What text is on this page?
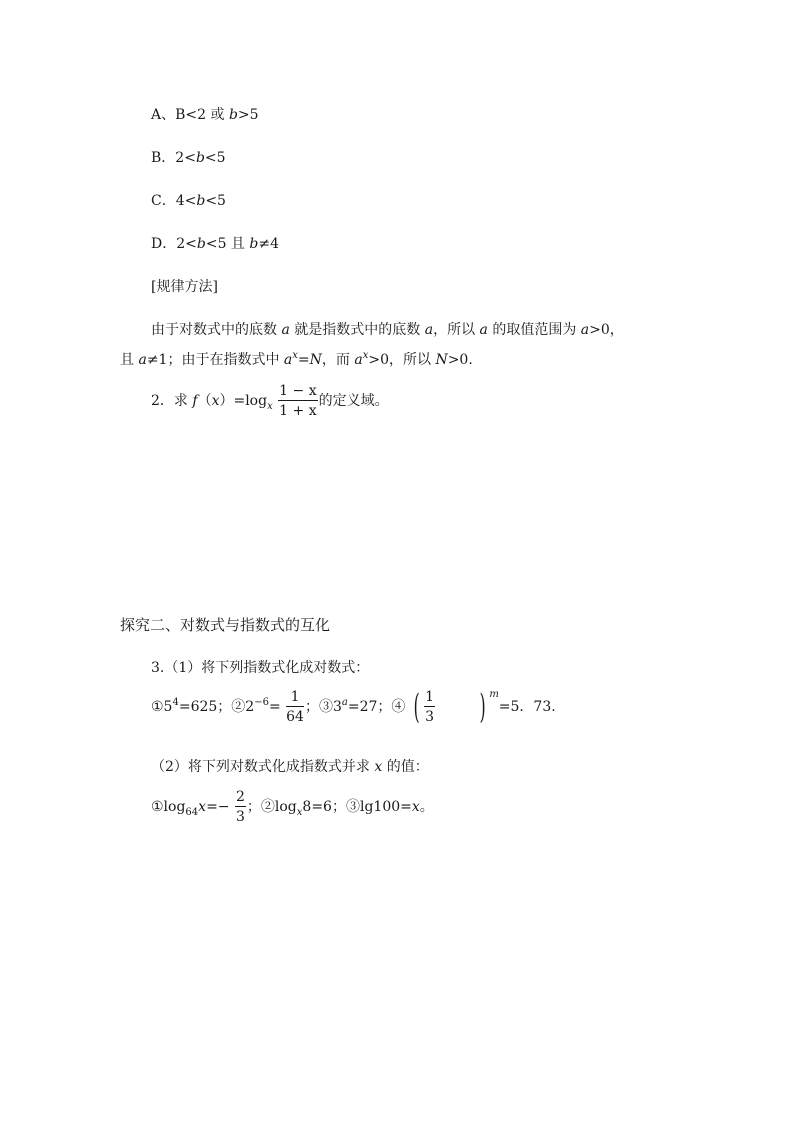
A、B<2 或 b>5
B．2<b<5
C．4<b<5
D．2<b<5 且 b≠4
[规律方法]
由于对数式中的底数 a 就是指数式中的底数 a，所以 a 的取值范围为 a>0，
且 a≠1；由于在指数式中 $a^x=N$，而 $a^x>0$，所以 N>0.
2．求 $f(x)=\log_x \frac{1 - x}{1 + x}$ 的定义域。
探究二、对数式与指数式的互化
3.（1）将下列指数式化成对数式：
$①5^4=625$；$②2^{-6}= \frac{1}{64}$ ；$③3^a=27$；④ ( $\frac{1}{3}$ ) $^m$=5．73.
（2）将下列对数式化成指数式并求 x 的值：
$①\log_{64}x=- \frac{2}{3}$ ；$②\log_x8=6$；③lg100=x。
